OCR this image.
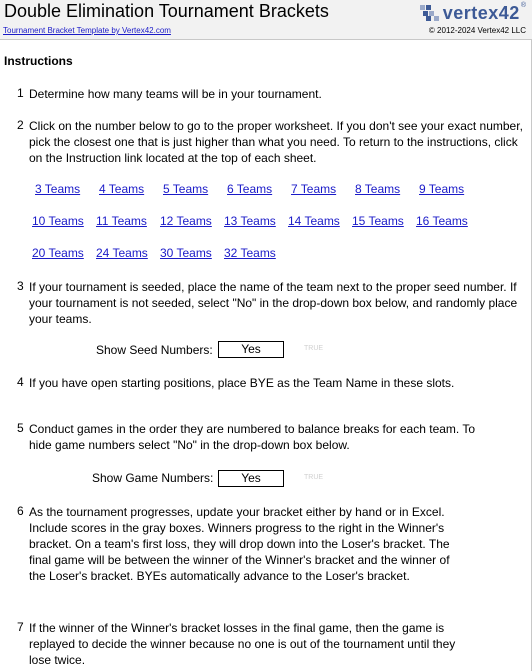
Double Elimination Tournament Brackets	vertex42 ®
Tournament Bracket Template by Vertex42.com	© 2012-2024 Vertex42 LLC
Instructions
1 Determine how many teams will be in your tournament.
2 Click on the number below to go to the proper worksheet. If you don't see your exact number, pick the closest one that is just higher than what you need. To return to the instructions, click on the Instruction link located at the top of each sheet.
3 Teams 4 Teams 5 Teams 6 Teams 7 Teams 8 Teams 9 Teams
10 Teams 11 Teams 12 Teams 13 Teams 14 Teams 15 Teams 16 Teams
20 Teams 24 Teams 30 Teams 32 Teams
3 If your tournament is seeded, place the name of the team next to the proper seed number. If your tournament is not seeded, select "No" in the drop-down box below, and randomly place your teams.
Show Seed Numbers:	Yes	TRUE
4 If you have open starting positions, place BYE as the Team Name in these slots.
5 Conduct games in the order they are numbered to balance breaks for each team. To hide game numbers select "No" in the drop-down box below.
Show Game Numbers:	Yes	TRUE
6 As the tournament progresses, update your bracket either by hand or in Excel. Include scores in the gray boxes. Winners progress to the right in the Winner's bracket. On a team's first loss, they will drop down into the Loser's bracket. The final game will be between the winner of the Winner's bracket and the winner of the Loser's bracket. BYEs automatically advance to the Loser's bracket.
7 If the winner of the Winner's bracket losses in the final game, then the game is replayed to decide the winner because no one is out of the tournament until they lose twice.
